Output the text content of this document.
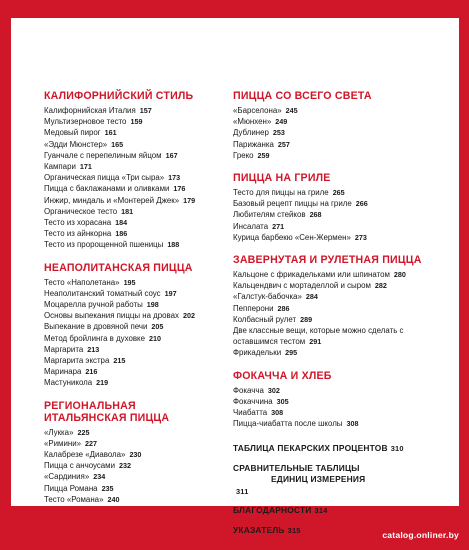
КАЛИФОРНИЙСКИЙ СТИЛЬ
Калифорнийская Италия 157
Мультизерновое тесто 159
Медовый пирог 161
«Эдди Мюнстер» 165
Гуанчале с перепелиным яйцом 167
Кампари 171
Органическая пицца «Три сыра» 173
Пицца с баклажанами и оливками 176
Инжир, миндаль и «Монтерей Джек» 179
Органическое тесто 181
Тесто из хорасана 184
Тесто из айнкорна 186
Тесто из пророщенной пшеницы 188
НЕАПОЛИТАНСКАЯ ПИЦЦА
Тесто «Наполетана» 195
Неаполитанский томатный соус 197
Моцарелла ручной работы 198
Основы выпекания пиццы на дровах 202
Выпекание в дровяной печи 205
Метод бройлинга в духовке 210
Маргарита 213
Маргарита экстра 215
Маринара 216
Мастуникола 219
РЕГИОНАЛЬНАЯ
ИТАЛЬЯНСКАЯ ПИЦЦА
«Лукка» 225
«Римини» 227
Калабрезе «Диавола» 230
Пицца с анчоусами 232
«Сардиния» 234
Пицца Романа 235
Тесто «Романа» 240
ПИЦЦА СО ВСЕГО СВЕТА
«Барселона» 245
«Мюнхен» 249
Дублинер 253
Парижанка 257
Греко 259
ПИЦЦА НА ГРИЛЕ
Тесто для пиццы на гриле 265
Базовый рецепт пиццы на гриле 266
Любителям стейков 268
Инсалата 271
Курица барбекю «Сен-Жермен» 273
ЗАВЕРНУТАЯ И РУЛЕТНАЯ ПИЦЦА
Кальцоне с фрикадельками или шпинатом 280
Кальцендвич с мортаделлой и сыром 282
«Галстук-бабочка» 284
Пепперони 286
Колбасный рулет 289
Две классные вещи, которые можно сделать с оставшимся тестом 291
Фрикадельки 295
ФОКАЧЧА И ХЛЕБ
Фокачча 302
Фокаччина 305
Чиабатта 308
Пицца-чиабатта после школы 308
ТАБЛИЦА ПЕКАРСКИХ ПРОЦЕНТОВ 310
СРАВНИТЕЛЬНЫЕ ТАБЛИЦЫ
ЕДИНИЦ ИЗМЕРЕНИЯ
311
БЛАГОДАРНОСТИ 314
УКАЗАТЕЛЬ 315	catalog.onliner.by
